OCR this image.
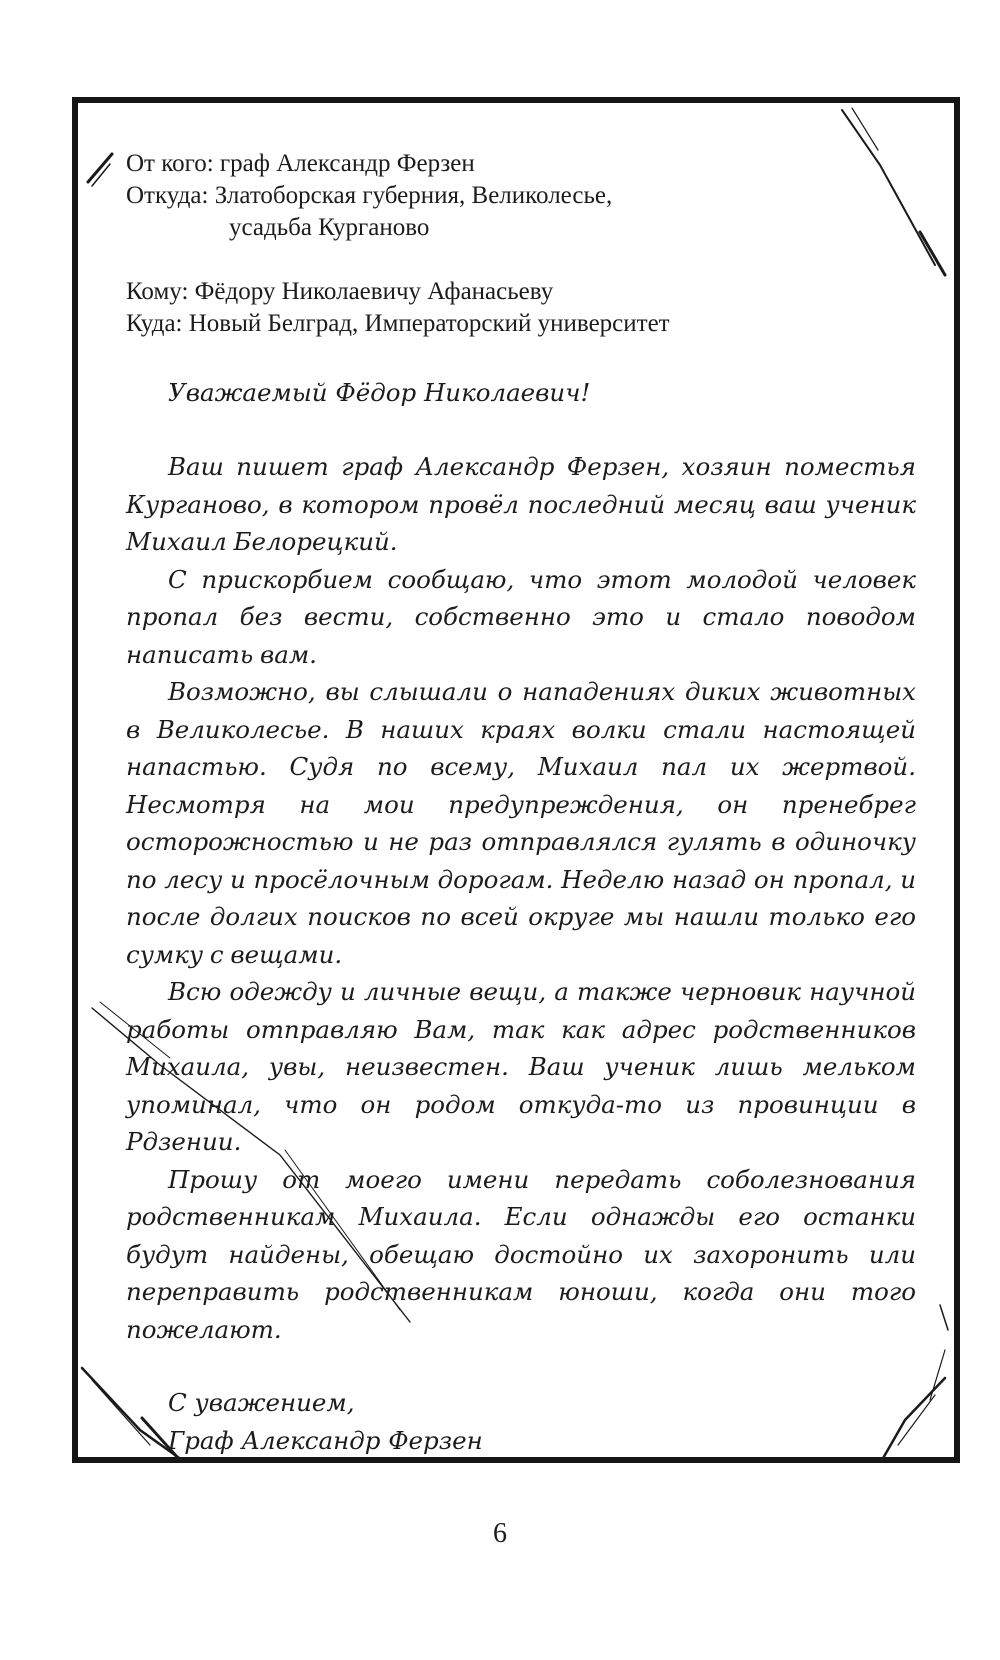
От кого: граф Александр Ферзен
Откуда: Златоборская губерния, Великолесье,
усадьба Курганово
Кому: Фёдору Николаевичу Афанасьеву
Куда: Новый Белград, Императорский университет
Уважаемый Фёдор Николаевич!

Ваш пишет граф Александр Ферзен, хозяин поместья Курганово, в котором провёл последний месяц ваш ученик Михаил Белорецкий.

С прискорбием сообщаю, что этот молодой человек пропал без вести, собственно это и стало поводом написать вам.

Возможно, вы слышали о нападениях диких животных в Великолесье. В наших краях волки стали настоящей напастью. Судя по всему, Михаил пал их жертвой. Несмотря на мои предупреждения, он пренебрег осторожностью и не раз отправлялся гулять в одиночку по лесу и просёлочным дорогам. Неделю назад он пропал, и после долгих поисков по всей округе мы нашли только его сумку с вещами.

Всю одежду и личные вещи, а также черновик научной работы отправляю Вам, так как адрес родственников Михаила, увы, неизвестен. Ваш ученик лишь мельком упоминал, что он родом откуда-то из провинции в Рдзении.

Прошу от моего имени передать соболезнования родственникам Михаила. Если однажды его останки будут найдены, обещаю достойно их захоронить или переправить родственникам юноши, когда они того пожелают.

С уважением,
Граф Александр Ферзен
6
